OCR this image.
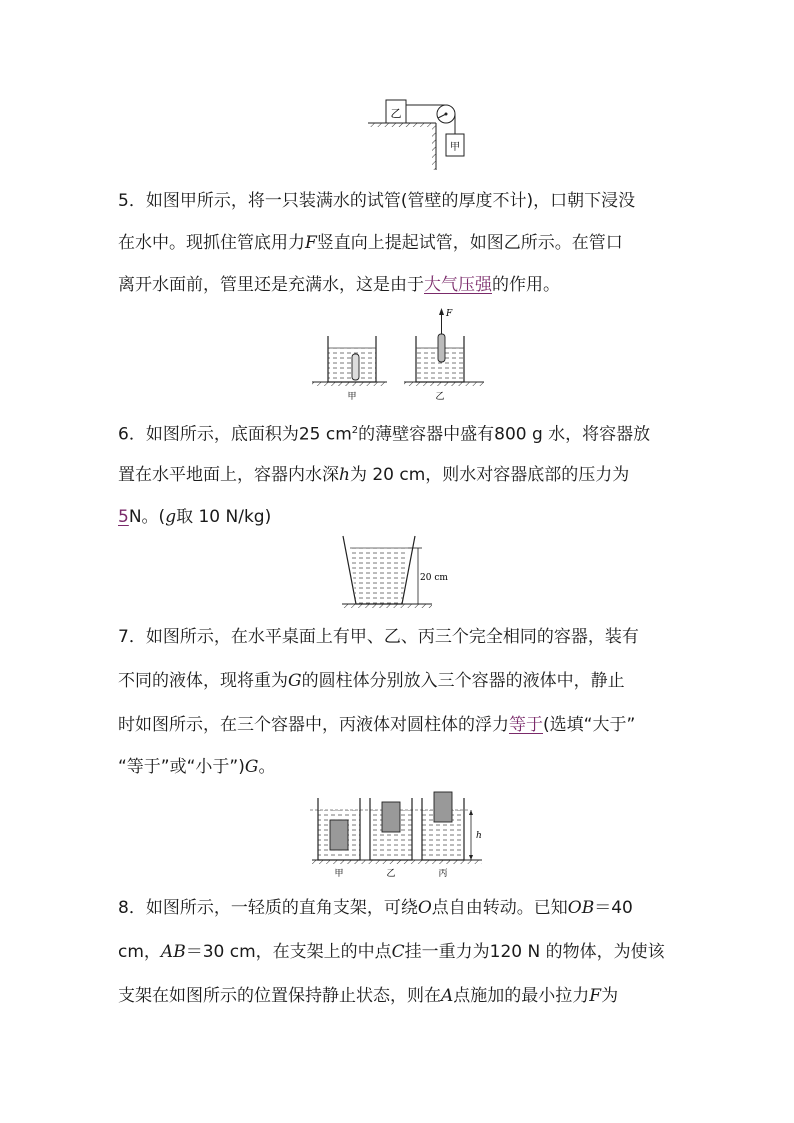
乙
甲
5．如图甲所示，将一只装满水的试管(管壁的厚度不计)，口朝下浸没
在水中。现抓住管底用力F竖直向上提起试管，如图乙所示。在管口
离开水面前，管里还是充满水，这是由于大气压强的作用。
甲
F
乙
6．如图所示，底面积为25 $cm^2$的薄壁容器中盛有800 g 水，将容器放
置在水平地面上，容器内水深h为 20 cm，则水对容器底部的压力为
5N。(g取 10 N/kg)
20 cm
7．如图所示，在水平桌面上有甲、乙、丙三个完全相同的容器，装有
不同的液体，现将重为G的圆柱体分别放入三个容器的液体中，静止
时如图所示，在三个容器中，丙液体对圆柱体的浮力等于(选填“大于”
“等于”或“小于”)G。
甲	乙	丙
h
8．如图所示，一轻质的直角支架，可绕O点自由转动。已知OB＝40
cm，AB＝30 cm，在支架上的中点C挂一重力为120 N 的物体，为使该
支架在如图所示的位置保持静止状态，则在A点施加的最小拉力F为
